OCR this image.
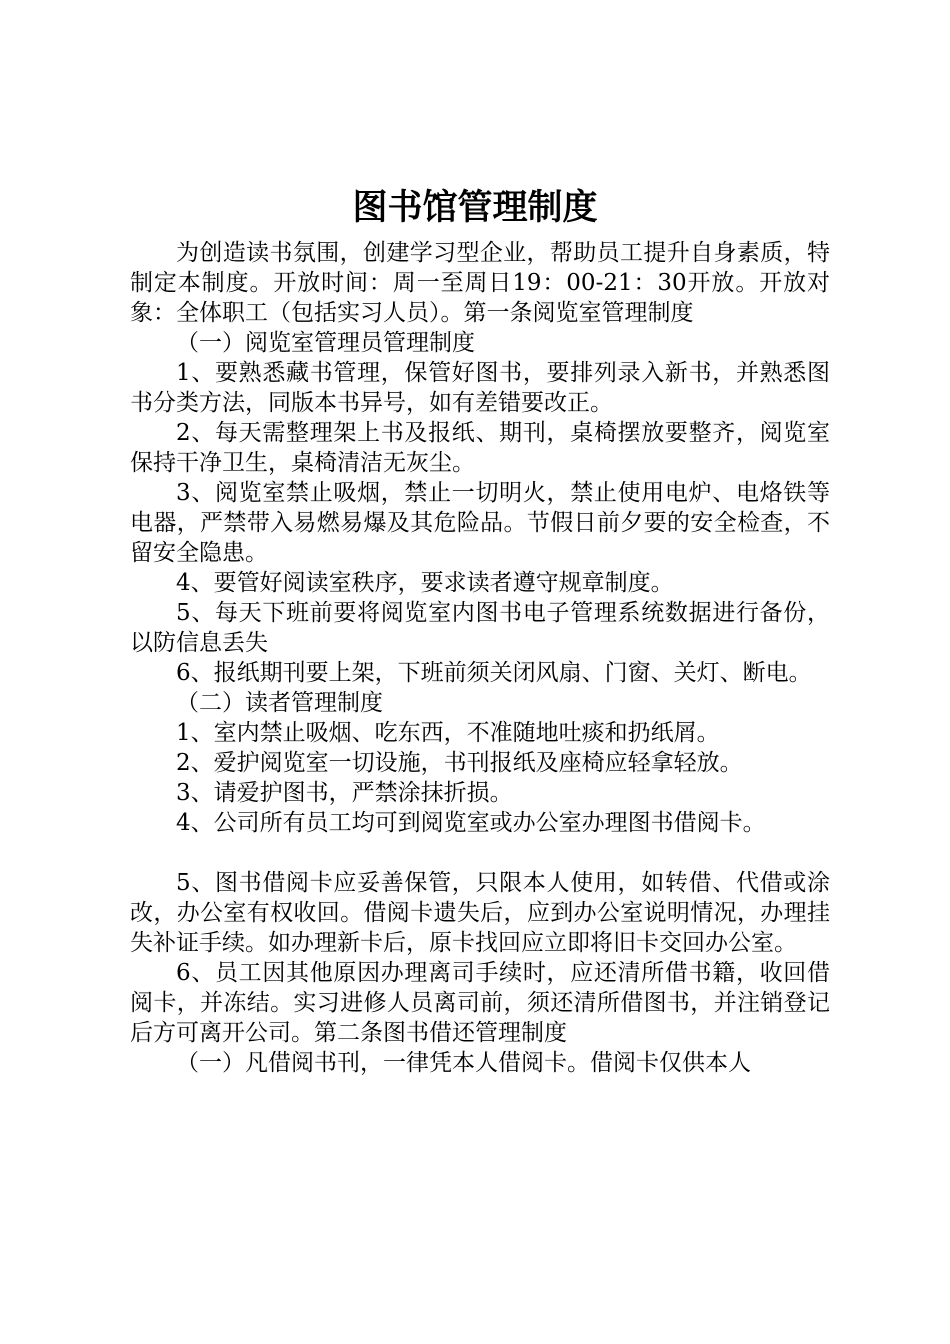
图书馆管理制度

为创造读书氛围，创建学习型企业，帮助员工提升自身素质，特制定本制度。开放时间：周一至周日19：00-21：30开放。开放对象：全体职工（包括实习人员）。第一条阅览室管理制度

（一）阅览室管理员管理制度

1、要熟悉藏书管理，保管好图书，要排列录入新书，并熟悉图书分类方法，同版本书异号，如有差错要改正。

2、每天需整理架上书及报纸、期刊，桌椅摆放要整齐，阅览室保持干净卫生，桌椅清洁无灰尘。

3、阅览室禁止吸烟，禁止一切明火，禁止使用电炉、电烙铁等电器，严禁带入易燃易爆及其危险品。节假日前夕要的安全检查，不留安全隐患。

4、要管好阅读室秩序，要求读者遵守规章制度。

5、每天下班前要将阅览室内图书电子管理系统数据进行备份，以防信息丢失

6、报纸期刊要上架，下班前须关闭风扇、门窗、关灯、断电。

（二）读者管理制度

1、室内禁止吸烟、吃东西，不准随地吐痰和扔纸屑。

2、爱护阅览室一切设施，书刊报纸及座椅应轻拿轻放。

3、请爱护图书，严禁涂抹折损。

4、公司所有员工均可到阅览室或办公室办理图书借阅卡。

5、图书借阅卡应妥善保管，只限本人使用，如转借、代借或涂改，办公室有权收回。借阅卡遗失后，应到办公室说明情况，办理挂失补证手续。如办理新卡后，原卡找回应立即将旧卡交回办公室。

6、员工因其他原因办理离司手续时，应还清所借书籍，收回借阅卡，并冻结。实习进修人员离司前，须还清所借图书，并注销登记后方可离开公司。第二条图书借还管理制度

（一）凡借阅书刊，一律凭本人借阅卡。借阅卡仅供本人
